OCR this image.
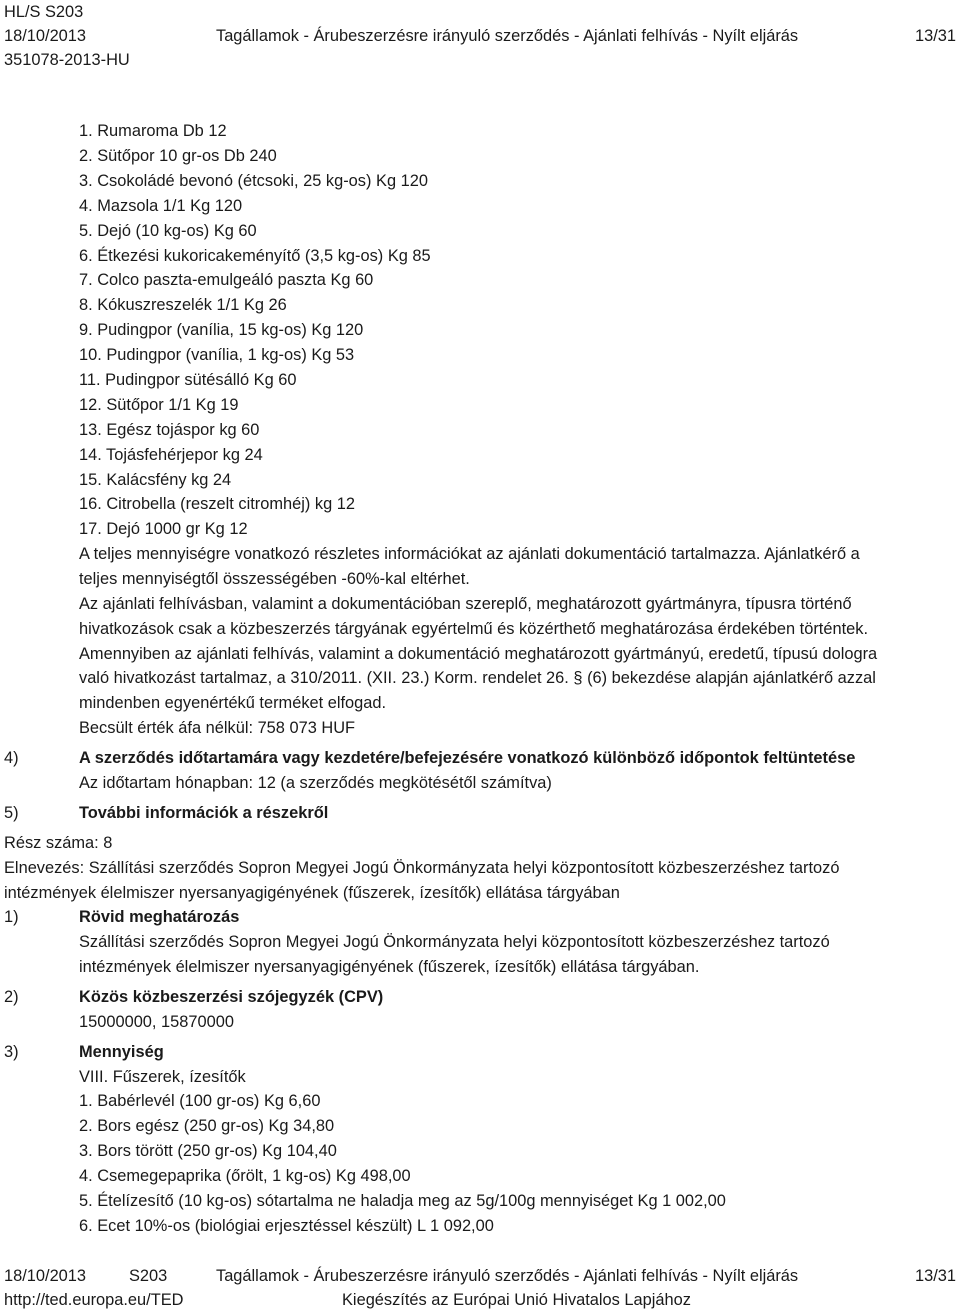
HL/S S203
18/10/2013
351078-2013-HU
Tagállamok - Árubeszerzésre irányuló szerződés - Ajánlati felhívás - Nyílt eljárás	13/31
1. Rumaroma Db 12
2. Sütőpor 10 gr-os Db 240
3. Csokoládé bevonó (étcsoki, 25 kg-os) Kg 120
4. Mazsola 1/1 Kg 120
5. Dejó (10 kg-os) Kg 60
6. Étkezési kukoricakeményítő (3,5 kg-os) Kg 85
7. Colco paszta-emulgeáló paszta Kg 60
8. Kókuszreszelék 1/1 Kg 26
9. Pudingpor (vanília, 15 kg-os) Kg 120
10. Pudingpor (vanília, 1 kg-os) Kg 53
11. Pudingpor sütésálló Kg 60
12. Sütőpor 1/1 Kg 19
13. Egész tojáspor kg 60
14. Tojásfehérjepor kg 24
15. Kalácsfény kg 24
16. Citrobella (reszelt citromhéj) kg 12
17. Dejó 1000 gr Kg 12
A teljes mennyiségre vonatkozó részletes információkat az ajánlati dokumentáció tartalmazza. Ajánlatkérő a
teljes mennyiségtől összességében -60%-kal eltérhet.
Az ajánlati felhívásban, valamint a dokumentációban szereplő, meghatározott gyártmányra, típusra történő
hivatkozások csak a közbeszerzés tárgyának egyértelmű és közérthető meghatározása érdekében történtek.
Amennyiben az ajánlati felhívás, valamint a dokumentáció meghatározott gyártmányú, eredetű, típusú dologra
való hivatkozást tartalmaz, a 310/2011. (XII. 23.) Korm. rendelet 26. § (6) bekezdése alapján ajánlatkérő azzal
mindenben egyenértékű terméket elfogad.
Becsült érték áfa nélkül: 758 073 HUF
4)	A szerződés időtartamára vagy kezdetére/befejezésére vonatkozó különböző időpontok feltüntetése
Az időtartam hónapban: 12 (a szerződés megkötésétől számítva)
5)	További információk a részekről
Rész száma: 8
Elnevezés: Szállítási szerződés Sopron Megyei Jogú Önkormányzata helyi központosított közbeszerzéshez tartozó
intézmények élelmiszer nyersanyagigényének (fűszerek, ízesítők) ellátása tárgyában
1)	Rövid meghatározás
Szállítási szerződés Sopron Megyei Jogú Önkormányzata helyi központosított közbeszerzéshez tartozó
intézmények élelmiszer nyersanyagigényének (fűszerek, ízesítők) ellátása tárgyában.
2)	Közös közbeszerzési szójegyzék (CPV)
15000000, 15870000
3)	Mennyiség
VIII. Fűszerek, ízesítők
1. Babérlevél (100 gr-os) Kg 6,60
2. Bors egész (250 gr-os) Kg 34,80
3. Bors törött (250 gr-os) Kg 104,40
4. Csemegepaprika (őrölt, 1 kg-os) Kg 498,00
5. Ételízesítő (10 kg-os) sótartalma ne haladja meg az 5g/100g mennyiséget Kg 1 002,00
6. Ecet 10%-os (biológiai erjesztéssel készült) L 1 092,00
18/10/2013	S203	Tagállamok - Árubeszerzésre irányuló szerződés - Ajánlati felhívás - Nyílt eljárás	13/31
http://ted.europa.eu/TED	Kiegészítés az Európai Unió Hivatalos Lapjához
